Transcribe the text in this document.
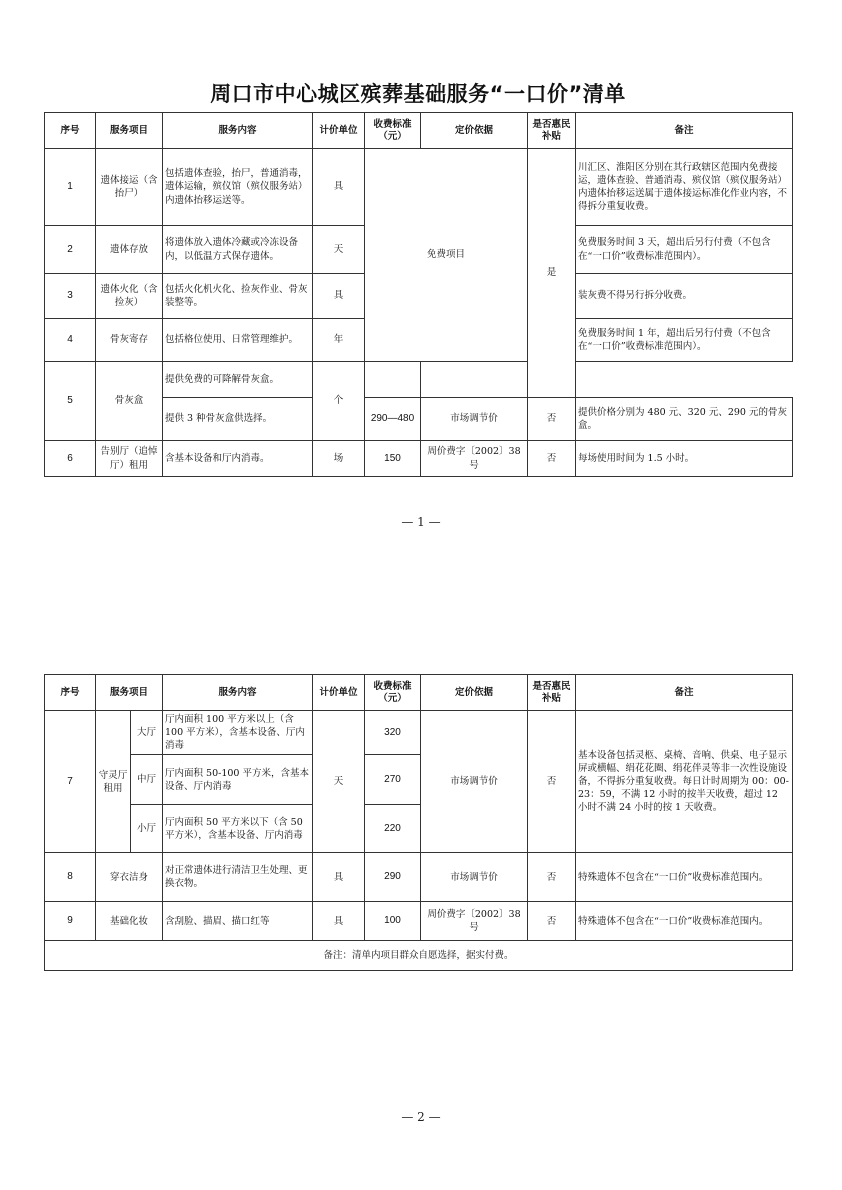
周口市中心城区殡葬基础服务“一口价”清单
序号	服务项目	服务内容	计价单位	收费标准（元）	定价依据	是否惠民补贴	备注
1	遗体接运（含抬尸）	包括遗体查验，抬尸，普通消毒，遗体运输，殡仪馆（殡仪服务站）内遗体抬移运送等。	具	免费项目		是	川汇区、淮阳区分别在其行政辖区范围内免费接运，遗体查验、普通消毒、殡仪馆（殡仪服务站）内遗体抬移运送属于遗体接运标准化作业内容，不得拆分重复收费。
2	遗体存放	将遗体放入遗体冷藏或冷冻设备内，以低温方式保存遗体。	天				免费服务时间 3 天，超出后另行付费（不包含在“一口价”收费标准范围内）。
3	遗体火化（含捡灰）	包括火化机火化、捡灰作业、骨灰装整等。	具				装灰费不得另行拆分收费。
4	骨灰寄存	包括格位使用、日常管理维护。	年				免费服务时间 1 年，超出后另行付费（不包含在“一口价”收费标准范围内）。
5	骨灰盒	提供免费的可降解骨灰盒。	个				
		提供 3 种骨灰盒供选择。		290—480	市场调节价	否	提供价格分别为 480 元、320 元、290 元的骨灰盒。
6	告别厅（追悼厅）租用	含基本设备和厅内消毒。	场	150	周价费字〔2002〕38 号	否	每场使用时间为 1.5 小时。
— 1 —
序号	服务项目		服务内容	计价单位	收费标准（元）	定价依据	是否惠民补贴	备注
7	守灵厅租用	大厅	厅内面积 100 平方米以上（含 100 平方米），含基本设备、厅内消毒	天	320	市场调节价	否	基本设备包括灵柩、桌椅、音响、供桌、电子显示屏或横幅、绢花花圈、绢花伴灵等非一次性设施设备，不得拆分重复收费。每日计时周期为 00：00-23：59，不满 12 小时的按半天收费，超过 12 小时不满 24 小时的按 1 天收费。
		中厅	厅内面积 50-100 平方米，含基本设备、厅内消毒		270			
		小厅	厅内面积 50 平方米以下（含 50 平方米），含基本设备、厅内消毒		220			
8	穿衣洁身		对正常遗体进行清洁卫生处理、更换衣物。	具	290	市场调节价	否	特殊遗体不包含在“一口价”收费标准范围内。
9	基础化妆		含刮脸、描眉、描口红等	具	100	周价费字〔2002〕38 号	否	特殊遗体不包含在“一口价”收费标准范围内。
备注：清单内项目群众自愿选择，据实付费。								
— 2 —
